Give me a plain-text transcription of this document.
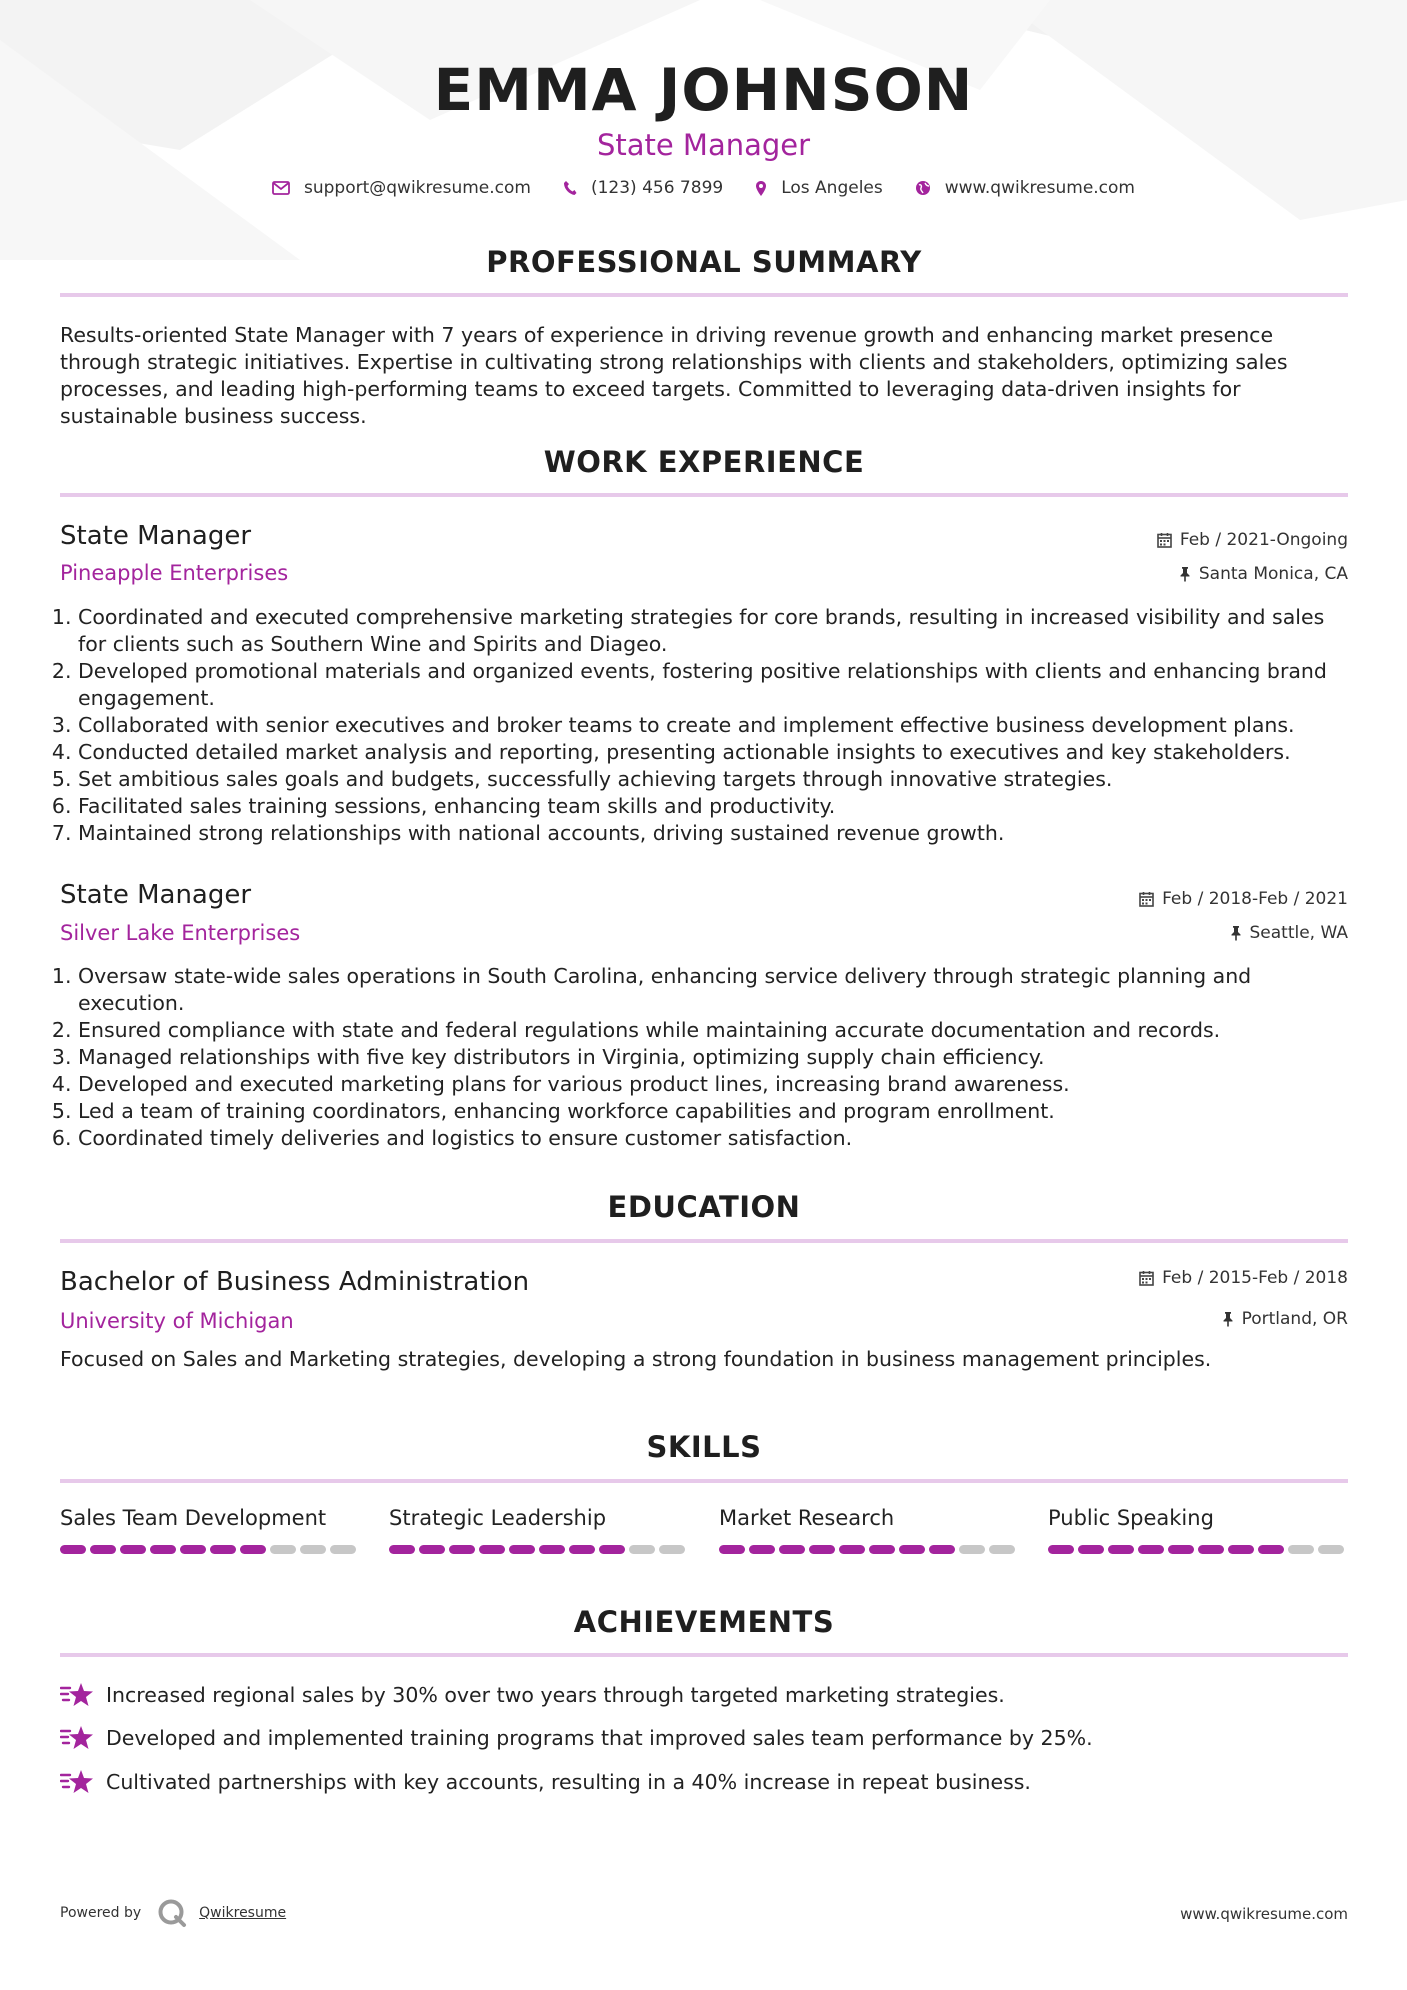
EMMA JOHNSON
State Manager
support@qwikresume.com	(123) 456 7899	Los Angeles	www.qwikresume.com
PROFESSIONAL SUMMARY
Results-oriented State Manager with 7 years of experience in driving revenue growth and enhancing market presence through strategic initiatives. Expertise in cultivating strong relationships with clients and stakeholders, optimizing sales processes, and leading high-performing teams to exceed targets. Committed to leveraging data-driven insights for sustainable business success.
WORK EXPERIENCE
State Manager
Pineapple Enterprises
Feb / 2021-Ongoing
Santa Monica, CA
1. Coordinated and executed comprehensive marketing strategies for core brands, resulting in increased visibility and sales for clients such as Southern Wine and Spirits and Diageo.
2. Developed promotional materials and organized events, fostering positive relationships with clients and enhancing brand engagement.
3. Collaborated with senior executives and broker teams to create and implement effective business development plans.
4. Conducted detailed market analysis and reporting, presenting actionable insights to executives and key stakeholders.
5. Set ambitious sales goals and budgets, successfully achieving targets through innovative strategies.
6. Facilitated sales training sessions, enhancing team skills and productivity.
7. Maintained strong relationships with national accounts, driving sustained revenue growth.
State Manager
Silver Lake Enterprises
Feb / 2018-Feb / 2021
Seattle, WA
1. Oversaw state-wide sales operations in South Carolina, enhancing service delivery through strategic planning and execution.
2. Ensured compliance with state and federal regulations while maintaining accurate documentation and records.
3. Managed relationships with five key distributors in Virginia, optimizing supply chain efficiency.
4. Developed and executed marketing plans for various product lines, increasing brand awareness.
5. Led a team of training coordinators, enhancing workforce capabilities and program enrollment.
6. Coordinated timely deliveries and logistics to ensure customer satisfaction.
EDUCATION
Bachelor of Business Administration
University of Michigan
Feb / 2015-Feb / 2018
Portland, OR
Focused on Sales and Marketing strategies, developing a strong foundation in business management principles.
SKILLS
Sales Team Development	Strategic Leadership	Market Research	Public Speaking
ACHIEVEMENTS
Increased regional sales by 30% over two years through targeted marketing strategies.
Developed and implemented training programs that improved sales team performance by 25%.
Cultivated partnerships with key accounts, resulting in a 40% increase in repeat business.
Powered by	Qwikresume	www.qwikresume.com
